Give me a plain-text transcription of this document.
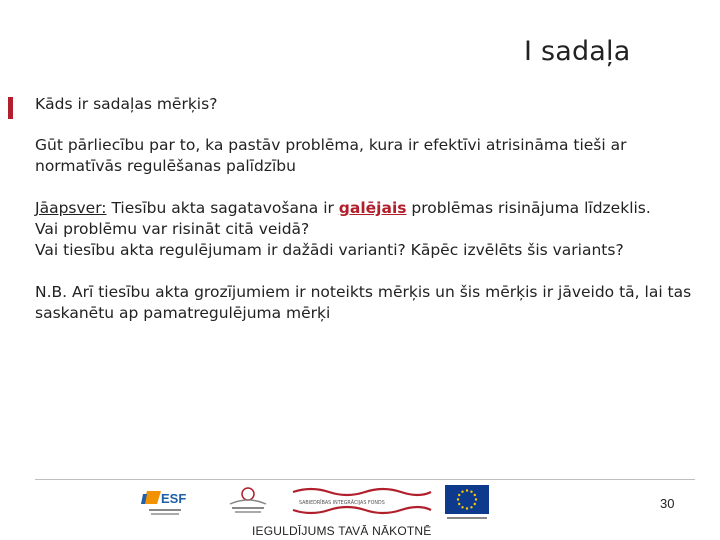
I sadaļa

Kāds ir sadaļas mērķis?

Gūt pārliecību par to, ka pastāv problēma, kura ir efektīvi atrisināma tieši ar normatīvās regulēšanas palīdzību

Jāapsver: Tiesību akta sagatavošana ir galējais problēmas risinājuma līdzeklis.
Vai problēmu var risināt citā veidā?
Vai tiesību akta regulējumam ir dažādi varianti? Kāpēc izvēlēts šis variants?

N.B. Arī tiesību akta grozījumiem ir noteikts mērķis un šis mērķis ir jāveido tā, lai tas saskanētu ap pamatregulējuma mērķi

ESF	SABIEDRĪBAS INTEGRĀCIJAS FONDS	30
IEGULDĪJUMS TAVĀ NĀKOTNĒ
